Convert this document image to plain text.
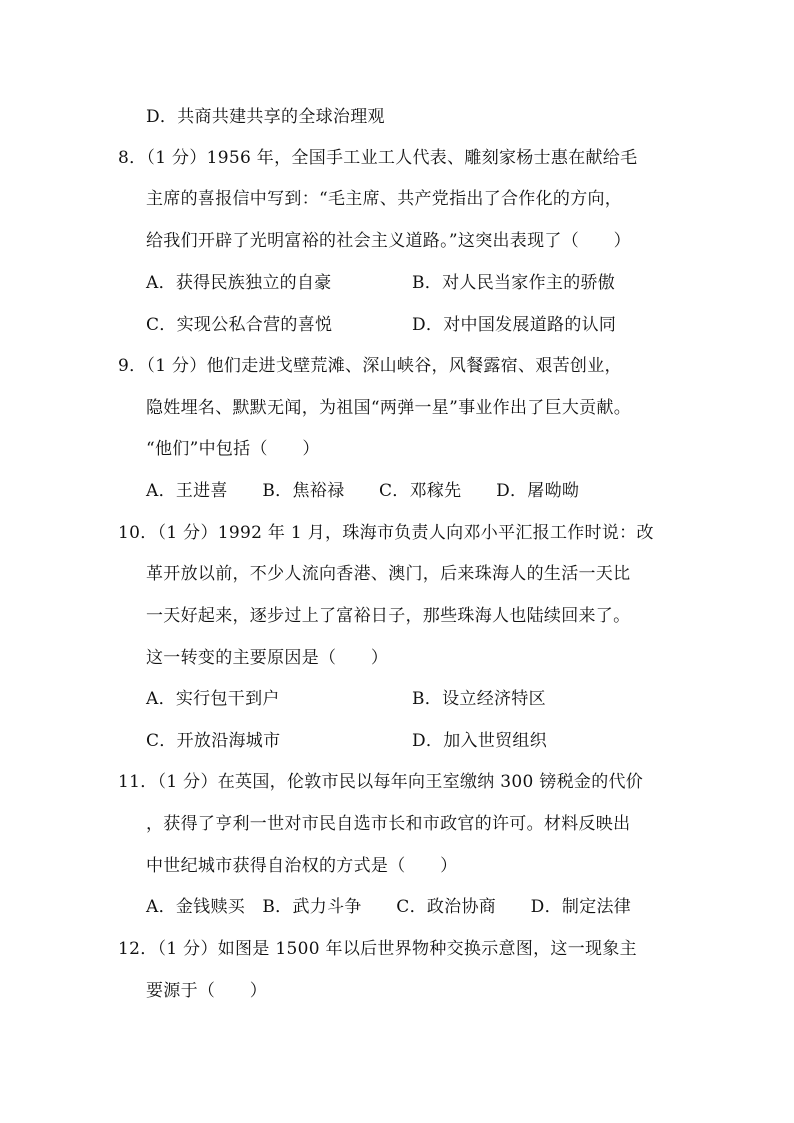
D．共商共建共享的全球治理观
8．（1 分）1956 年，全国手工业工人代表、雕刻家杨士惠在献给毛
主席的喜报信中写到：“毛主席、共产党指出了合作化的方向，
给我们开辟了光明富裕的社会主义道路。”这突出表现了（　　）
A．获得民族独立的自豪	B．对人民当家作主的骄傲
C．实现公私合营的喜悦	D．对中国发展道路的认同
9．（1 分）他们走进戈壁荒滩、深山峡谷，风餐露宿、艰苦创业，
隐姓埋名、默默无闻，为祖国“两弹一星”事业作出了巨大贡献。
“他们”中包括（　　）
A．王进喜　　B．焦裕禄　　C．邓稼先　　D．屠呦呦
10．（1 分）1992 年 1 月，珠海市负责人向邓小平汇报工作时说：改
革开放以前，不少人流向香港、澳门，后来珠海人的生活一天比
一天好起来，逐步过上了富裕日子，那些珠海人也陆续回来了。
这一转变的主要原因是（　　）
A．实行包干到户	B．设立经济特区
C．开放沿海城市	D．加入世贸组织
11．（1 分）在英国，伦敦市民以每年向王室缴纳 300 镑税金的代价
，获得了亨利一世对市民自选市长和市政官的许可。材料反映出
中世纪城市获得自治权的方式是（　　）
A．金钱赎买　B．武力斗争　　C．政治协商　　D．制定法律
12．（1 分）如图是 1500 年以后世界物种交换示意图，这一现象主
要源于（　　）
